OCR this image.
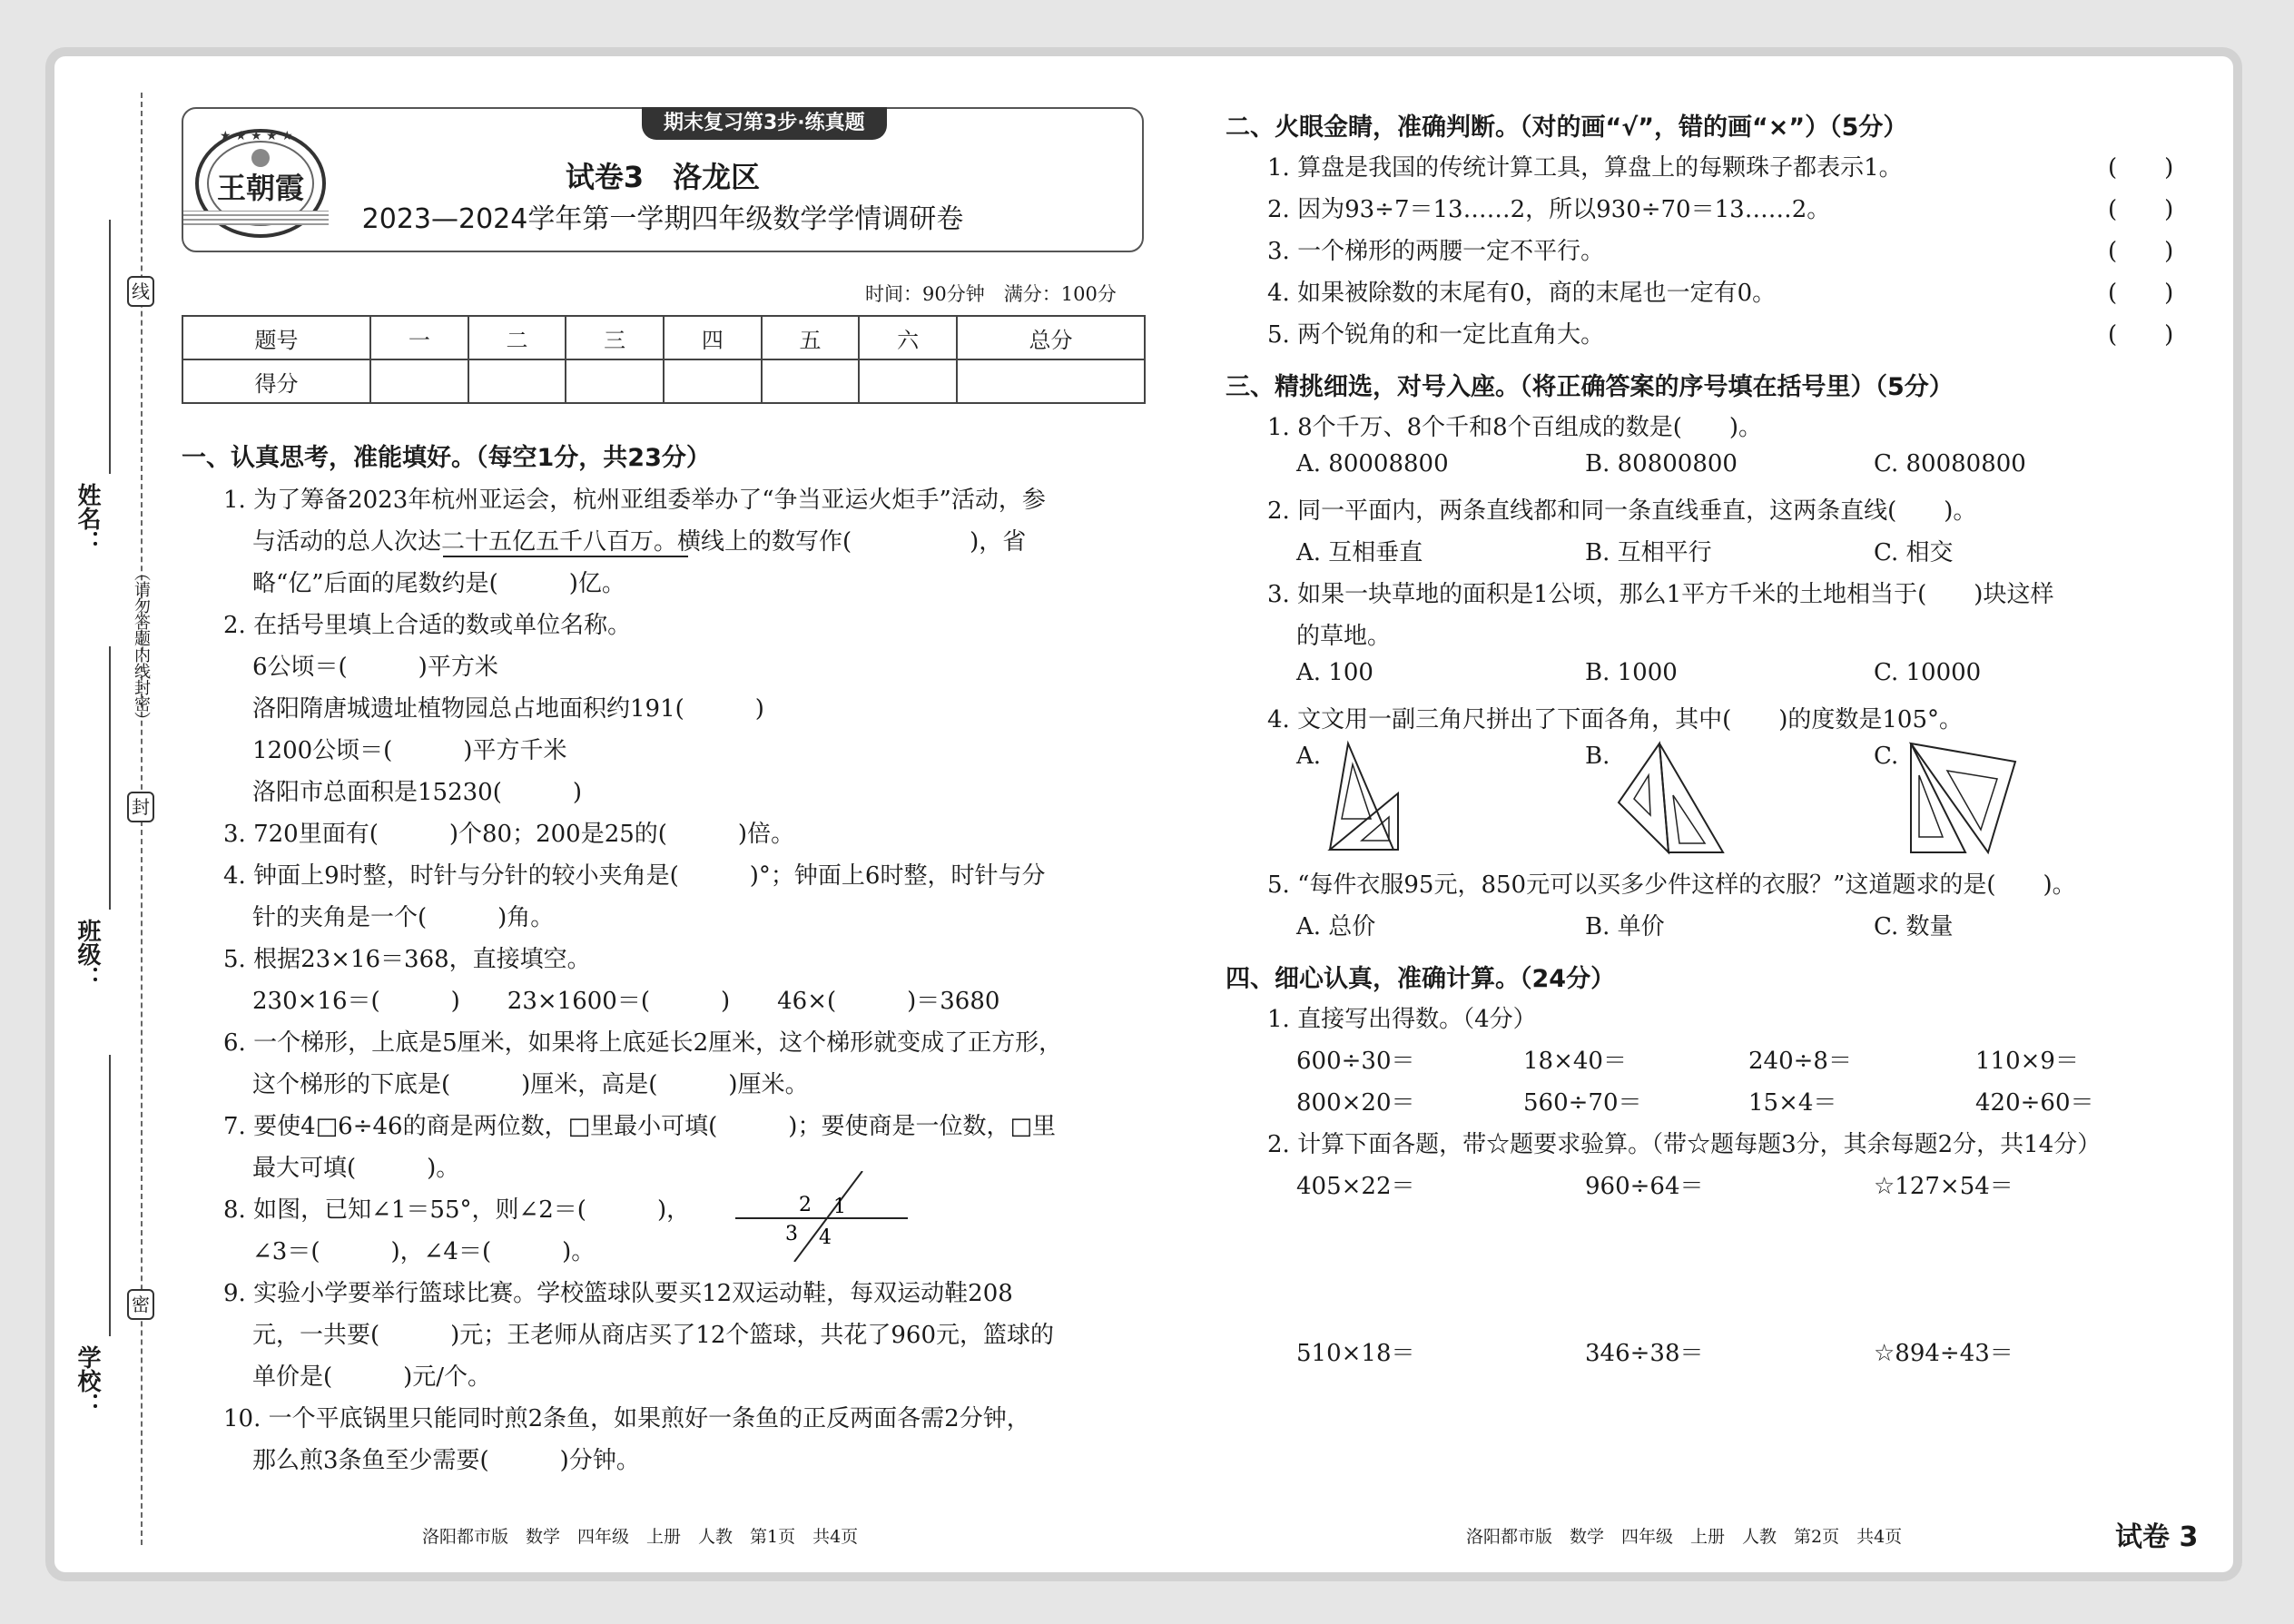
线
封
密
姓名：
班级：
学校：
（请勿答题内线封密）
期末复习第3步·练真题
★ ★ ★ ★ ★
王朝霞	试卷3　洛龙区
2023—2024学年第一学期四年级数学学情调研卷
时间：90分钟　满分：100分
题号	一	二	三	四	五	六	总分
得分							
一、认真思考，准能填好。（每空1分，共23分）
1. 为了筹备2023年杭州亚运会，杭州亚组委举办了“争当亚运火炬手”活动，参
与活动的总人次达二十五亿五千八百万。横线上的数写作(　　　　　)，省
略“亿”后面的尾数约是(　　　)亿。
2. 在括号里填上合适的数或单位名称。
6公顷＝(　　　)平方米
洛阳隋唐城遗址植物园总占地面积约191(　　　)
1200公顷＝(　　　)平方千米
洛阳市总面积是15230(　　　)
3. 720里面有(　　　)个80；200是25的(　　　)倍。
4. 钟面上9时整，时针与分针的较小夹角是(　　　)°；钟面上6时整，时针与分
针的夹角是一个(　　　)角。
5. 根据23×16＝368，直接填空。
230×16＝(　　　)　　23×1600＝(　　　)　　46×(　　　)＝3680
6. 一个梯形，上底是5厘米，如果将上底延长2厘米，这个梯形就变成了正方形，
这个梯形的下底是(　　　)厘米，高是(　　　)厘米。
7. 要使4□6÷46的商是两位数，□里最小可填(　　　)；要使商是一位数，□里
最大可填(　　　)。
8. 如图，已知∠1＝55°，则∠2＝(　　　)，
∠3＝(　　　)，∠4＝(　　　)。
9. 实验小学要举行篮球比赛。学校篮球队要买12双运动鞋，每双运动鞋208
元，一共要(　　　)元；王老师从商店买了12个篮球，共花了960元，篮球的
单价是(　　　)元/个。
10. 一个平底锅里只能同时煎2条鱼，如果煎好一条鱼的正反两面各需2分钟，
那么煎3条鱼至少需要(　　　)分钟。
2 1
3 4
二、火眼金睛，准确判断。（对的画“√”，错的画“×”）（5分）
1. 算盘是我国的传统计算工具，算盘上的每颗珠子都表示1。
2. 因为93÷7＝13……2，所以930÷70＝13……2。
3. 一个梯形的两腰一定不平行。
4. 如果被除数的末尾有0，商的末尾也一定有0。
5. 两个锐角的和一定比直角大。
(　　)
(　　)
(　　)
(　　)
(　　)
三、精挑细选，对号入座。（将正确答案的序号填在括号里）（5分）
1. 8个千万、8个千和8个百组成的数是(　　)。
A. 80008800	B. 80800800	C. 80080800
2. 同一平面内，两条直线都和同一条直线垂直，这两条直线(　　)。
A. 互相垂直	B. 互相平行	C. 相交
3. 如果一块草地的面积是1公顷，那么1平方千米的土地相当于(　　)块这样
的草地。
A. 100	B. 1000	C. 10000
4. 文文用一副三角尺拼出了下面各角，其中(　　)的度数是105°。
A.	B.	C.
5. “每件衣服95元，850元可以买多少件这样的衣服？”这道题求的是(　　)。
A. 总价	B. 单价	C. 数量
四、细心认真，准确计算。（24分）
1. 直接写出得数。（4分）
600÷30＝	18×40＝	240÷8＝	110×9＝
800×20＝	560÷70＝	15×4＝	420÷60＝
2. 计算下面各题，带☆题要求验算。（带☆题每题3分，其余每题2分，共14分）
405×22＝	960÷64＝	☆127×54＝
510×18＝	346÷38＝	☆894÷43＝
洛阳都市版　数学　四年级　上册　人教　第1页　共4页	洛阳都市版　数学　四年级　上册　人教　第2页　共4页	试卷 3
